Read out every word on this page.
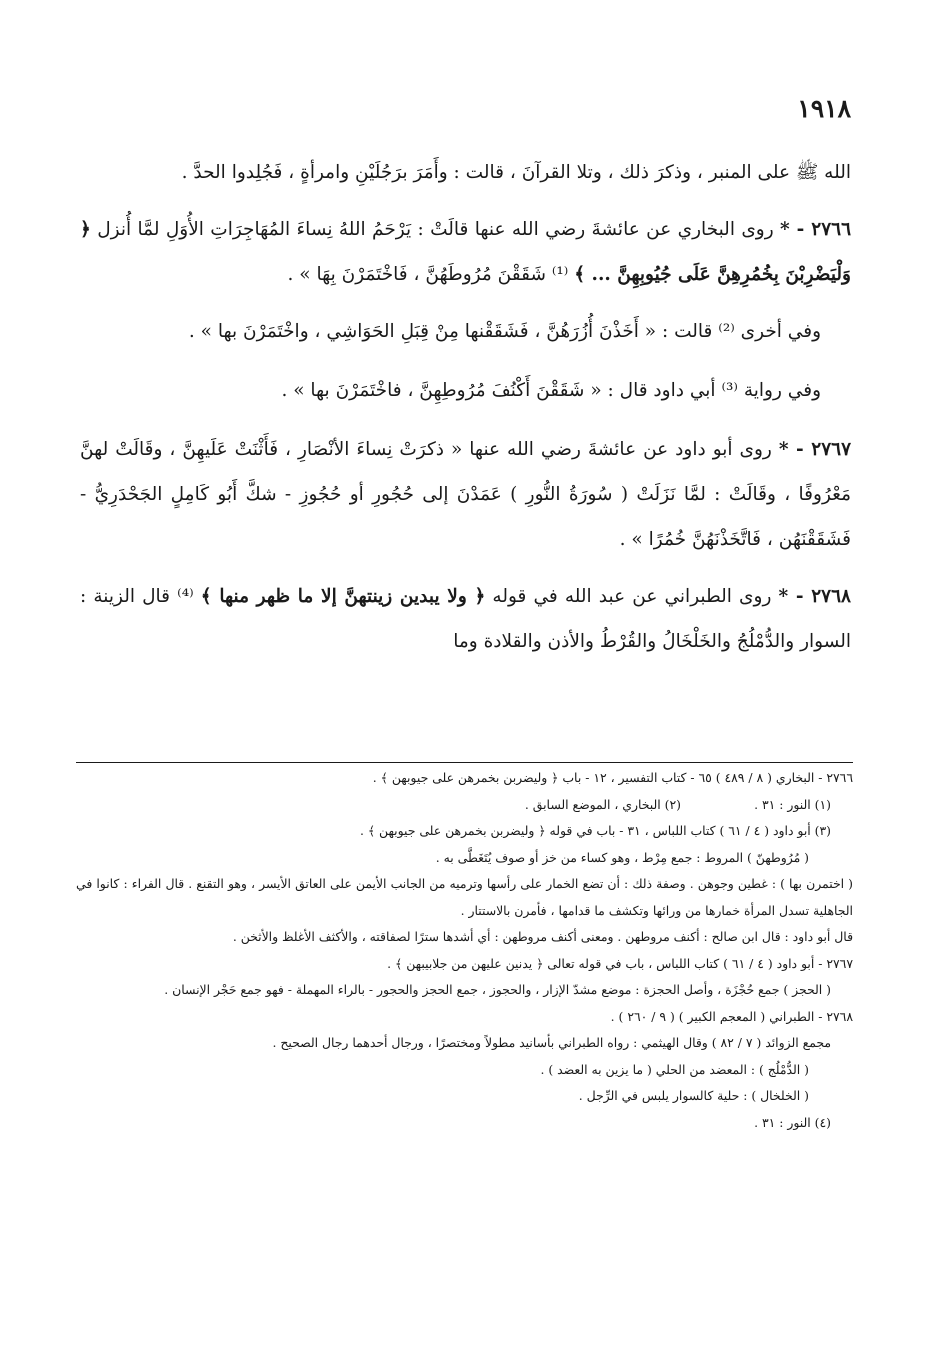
١٩١٨

الله ﷺ على المنبر ، وذكرَ ذلك ، وتلا القرآنَ ، قالت : وأَمَرَ برَجُلَيْنِ وامرأةٍ ، فَجُلِدوا الحدَّ .

٢٧٦٦ - * روى البخاري عن عائشةَ رضي الله عنها قالَتْ : يَرْحَمُ اللهُ نِساءَ المُهَاجِرَاتِ الأُوَلِ لمَّا أُنزل ﴿ وَلْيَضْرِبْنَ بِخُمُرِهِنَّ عَلَى جُيُوبِهِنَّ ... ﴾ ⁽¹⁾ شَقَقْنَ مُرُوطَهُنَّ ، فَاخْتَمَرْنَ بِهَا » .

وفي أخرى ⁽²⁾ قالت : « أَخَذْنَ أُزُرَهُنَّ ، فَشَقَقْنها مِنْ قِبَلِ الحَوَاشِي ، واخْتَمَرْنَ بها » .

وفي رواية ⁽³⁾ أبي داود قال : « شَقَقْنَ أَكْنُفَ مُرُوطِهِنَّ ، فاخْتَمَرْنَ بها » .

٢٧٦٧ - * روى أبو داود عن عائشةَ رضي الله عنها « ذكرَتْ نِساءَ الأنْصَارِ ، فَأَثْنَتْ عَلَيهِنَّ ، وقَالَتْ لهنَّ مَعْرُوفًا ، وقَالَتْ : لمَّا نَزَلَتْ ( سُورَةُ النُّورِ ) عَمَدْنَ إلى حُجُورِ أو حُجُوزِ - شكَّ أَبُو كَامِلٍ الجَحْدَرِيُّ - فَشَقَقْنَهُن ، فَاتَّخَذْنَهُنَّ خُمُرًا » .

٢٧٦٨ - * روى الطبراني عن عبد الله في قوله ﴿ ولا يبدين زينتهنَّ إلا ما ظهر منها ﴾ ⁽⁴⁾ قال الزينة : السوار والدُّمْلُجُ والخَلْخَالُ والقُرْطُ والأذن والقلادة وما

٢٧٦٦ - البخاري ( ٨ / ٤٨٩ ) ٦٥ - كتاب التفسير ، ١٢ - باب ﴿ وليضربن بخمرهن على جيوبهن ﴾ .

(١) النور : ٣١ .
(٢) البخاري ، الموضع السابق .

(٣) أبو داود ( ٤ / ٦١ ) كتاب اللباس ، ٣١ - باب في قوله ﴿ وليضربن بخمرهن على جيوبهن ﴾ .

( مُرُوطهنّ ) المروط : جمع مِرْط ، وهو كساء من خز أو صوف يُتَغَطَّى به .

( اختمرن بها ) : غطين وجوهن . وصفة ذلك : أن تضع الخمار على رأسها وترميه من الجانب الأيمن على العاتق الأيسر ، وهو التقنع . قال الفراء : كانوا في الجاهلية تسدل المرأة خمارها من ورائها وتكشف ما قدامها ، فأمرن بالاستتار .

قال أبو داود : قال ابن صالح : أكنف مروطهن . ومعنى أكنف مروطهن : أي أشدها سترًا لصفاقته ، والأكثف الأغلظ والأثخن .

٢٧٦٧ - أبو داود ( ٤ / ٦١ ) كتاب اللباس ، باب في قوله تعالى ﴿ يدنين عليهن من جلابيبهن ﴾ .

( الحجز ) جمع حُجْزَة ، وأصل الحجزة : موضع مشدّ الإزار ، والحجوز ، جمع الحجز والحجور - بالراء المهملة - فهو جمع حَجْر الإنسان .

٢٧٦٨ - الطبراني ( المعجم الكبير ) ( ٩ / ٢٦٠ ) .

مجمع الزوائد ( ٧ / ٨٢ ) وقال الهيثمي : رواه الطبراني بأسانيد مطولاً ومختصرًا ، ورجال أحدهما رجال الصحيح .

( الدُّمْلُج ) : المعضد من الحلي ( ما يزين به العضد ) .

( الخلخال ) : حلية كالسوار يلبس في الرِّجل .

(٤) النور : ٣١ .
